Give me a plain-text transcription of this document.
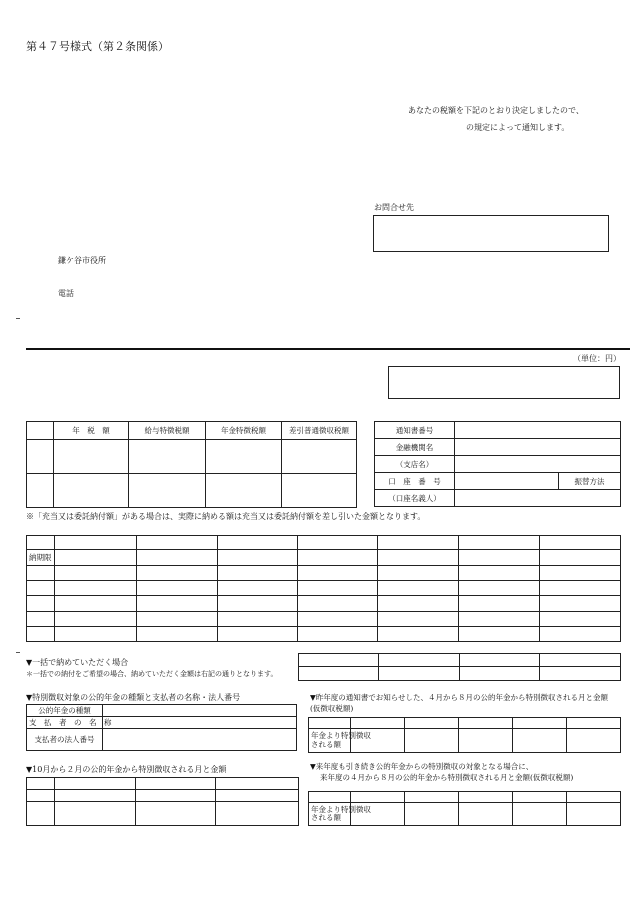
第４７号様式（第２条関係）
あなたの税額を下記のとおり決定しましたので、
の規定によって通知します。
お問合せ先
鎌ケ谷市役所
電話
（単位：円）
	年　税　額	給与特徴税額	年金特徴税額	差引普通徴収税額

					通知書番号		
金融機関名		
（支店名）		
口　座　番　号		振替方法
（口座名義人）		
※「充当又は委託納付額」がある場合は、実際に納める額は充当又は委託納付額を差し引いた金額となります。

納期限							

▼一括で納めていただく場合
＊一括での納付をご希望の場合、納めていただく金額は右記の通りとなります。

▼特別徴収対象の公的年金の種類と支払者の名称・法人番号
公的年金の種類	
支　払　者　の　名　称	
支払者の法人番号	
▼昨年度の通知書でお知らせした、４月から８月の公的年金から特別徴収される月と金額
(仮徴収税額)

年金より特別徴収
される額					
▼10月から２月の公的年金から特別徴収される月と金額

				▼来年度も引き続き公的年金からの特別徴収の対象となる場合に、
来年度の４月から８月の公的年金から特別徴収される月と金額(仮徴収税額)

年金より特別徴収
される額					
